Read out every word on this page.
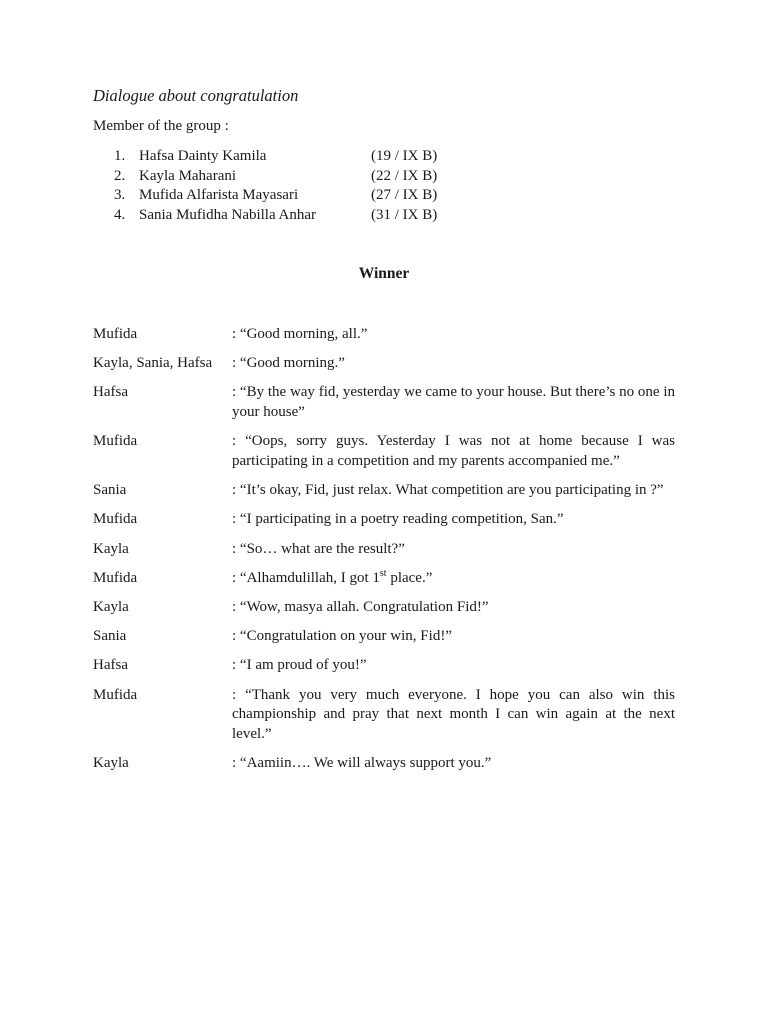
Dialogue about congratulation
Member of the group :
1. Hafsa Dainty Kamila	(19 / IX B)
2. Kayla Maharani	(22 / IX B)
3. Mufida Alfarista Mayasari	(27 / IX B)
4. Sania Mufidha Nabilla Anhar	(31 / IX B)
Winner
Mufida	: “Good morning, all.”
Kayla, Sania, Hafsa	: “Good morning.”
Hafsa	: “By the way fid, yesterday we came to your house. But there’s no one in your house”
Mufida	: “Oops, sorry guys. Yesterday I was not at home because I was participating in a competition and my parents accompanied me.”
Sania	: “It’s okay, Fid, just relax. What competition are you participating in ?”
Mufida	: “I participating in a poetry reading competition, San.”
Kayla	: “So… what are the result?”
Mufida	: “Alhamdulillah, I got 1st place.”
Kayla	: “Wow, masya allah. Congratulation Fid!”
Sania	: “Congratulation on your win, Fid!”
Hafsa	: “I am proud of you!”
Mufida	: “Thank you very much everyone. I hope you can also win this championship and pray that next month I can win again at the next level.”
Kayla	: “Aamiin…. We will always support you.”
